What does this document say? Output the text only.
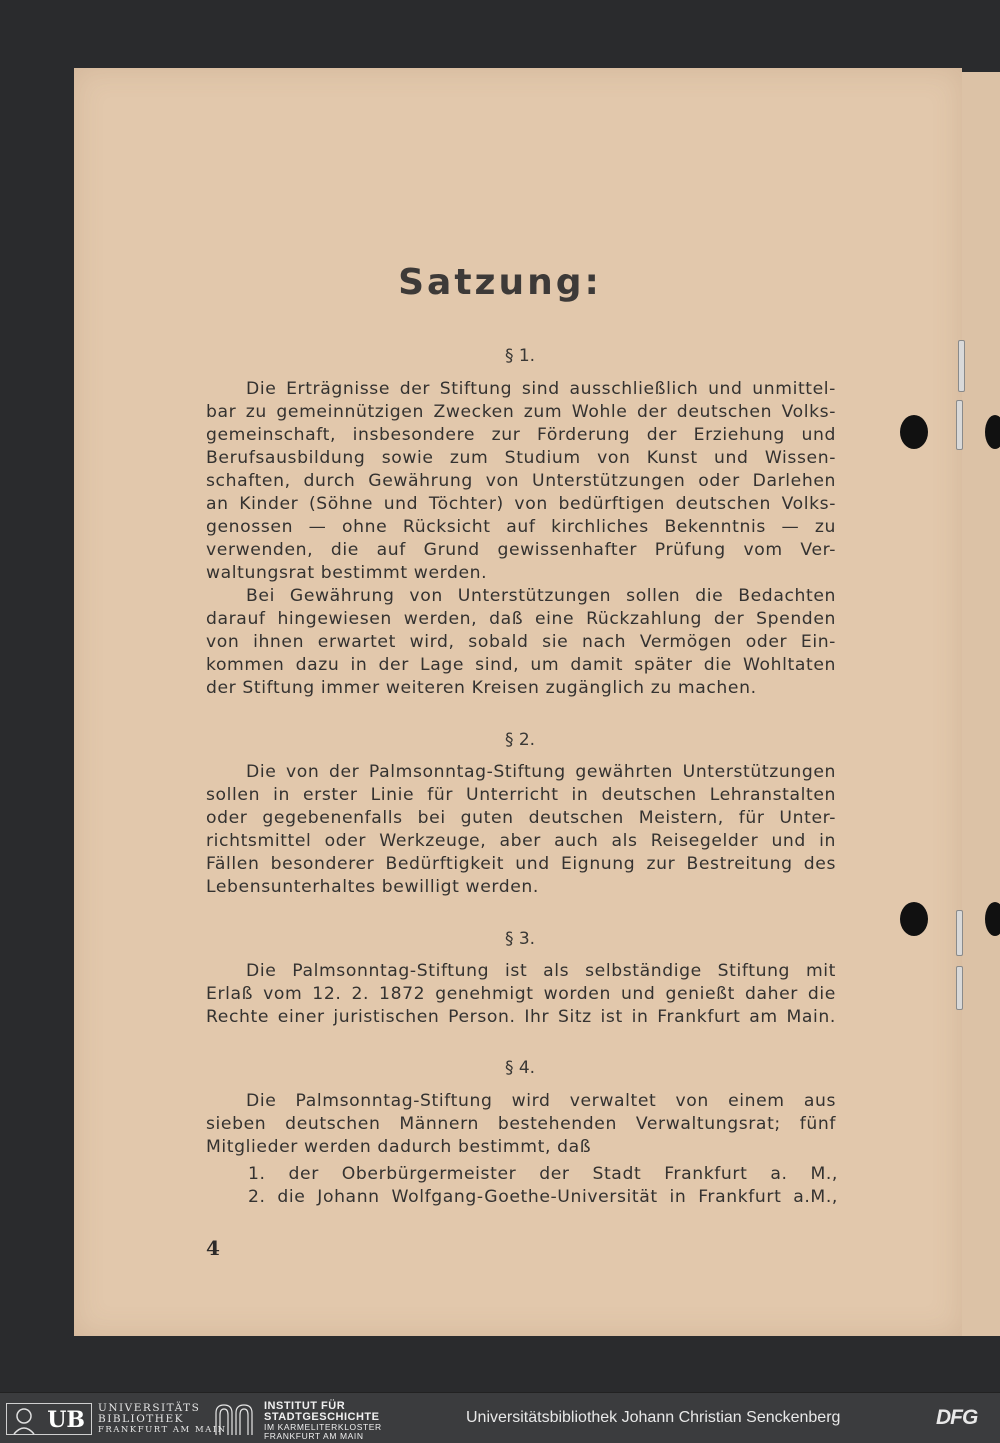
Satzung:
§ 1.
Die Erträgnisse der Stiftung sind ausschließlich und unmittel-
bar zu gemeinnützigen Zwecken zum Wohle der deutschen Volks-
gemeinschaft, insbesondere zur Förderung der Erziehung und
Berufsausbildung sowie zum Studium von Kunst und Wissen-
schaften, durch Gewährung von Unterstützungen oder Darlehen
an Kinder (Söhne und Töchter) von bedürftigen deutschen Volks-
genossen — ohne Rücksicht auf kirchliches Bekenntnis — zu
verwenden, die auf Grund gewissenhafter Prüfung vom Ver-
waltungsrat bestimmt werden.
Bei Gewährung von Unterstützungen sollen die Bedachten
darauf hingewiesen werden, daß eine Rückzahlung der Spenden
von ihnen erwartet wird, sobald sie nach Vermögen oder Ein-
kommen dazu in der Lage sind, um damit später die Wohltaten
der Stiftung immer weiteren Kreisen zugänglich zu machen.
§ 2.
Die von der Palmsonntag-Stiftung gewährten Unterstützungen
sollen in erster Linie für Unterricht in deutschen Lehranstalten
oder gegebenenfalls bei guten deutschen Meistern, für Unter-
richtsmittel oder Werkzeuge, aber auch als Reisegelder und in
Fällen besonderer Bedürftigkeit und Eignung zur Bestreitung des
Lebensunterhaltes bewilligt werden.
§ 3.
Die Palmsonntag-Stiftung ist als selbständige Stiftung mit
Erlaß vom 12. 2. 1872 genehmigt worden und genießt daher die
Rechte einer juristischen Person. Ihr Sitz ist in Frankfurt am Main.
§ 4.
Die Palmsonntag-Stiftung wird verwaltet von einem aus
sieben deutschen Männern bestehenden Verwaltungsrat; fünf
Mitglieder werden dadurch bestimmt, daß
1. der Oberbürgermeister der Stadt Frankfurt a. M.,
2. die Johann Wolfgang-Goethe-Universität in Frankfurt a.M.,
4
UB	UNIVERSITÄTS
BIBLIOTHEK
FRANKFURT AM MAIN
INSTITUT FÜR
STADTGESCHICHTE
IM KARMELITERKLOSTER
FRANKFURT AM MAIN
Universitätsbibliothek Johann Christian Senckenberg	DFG
